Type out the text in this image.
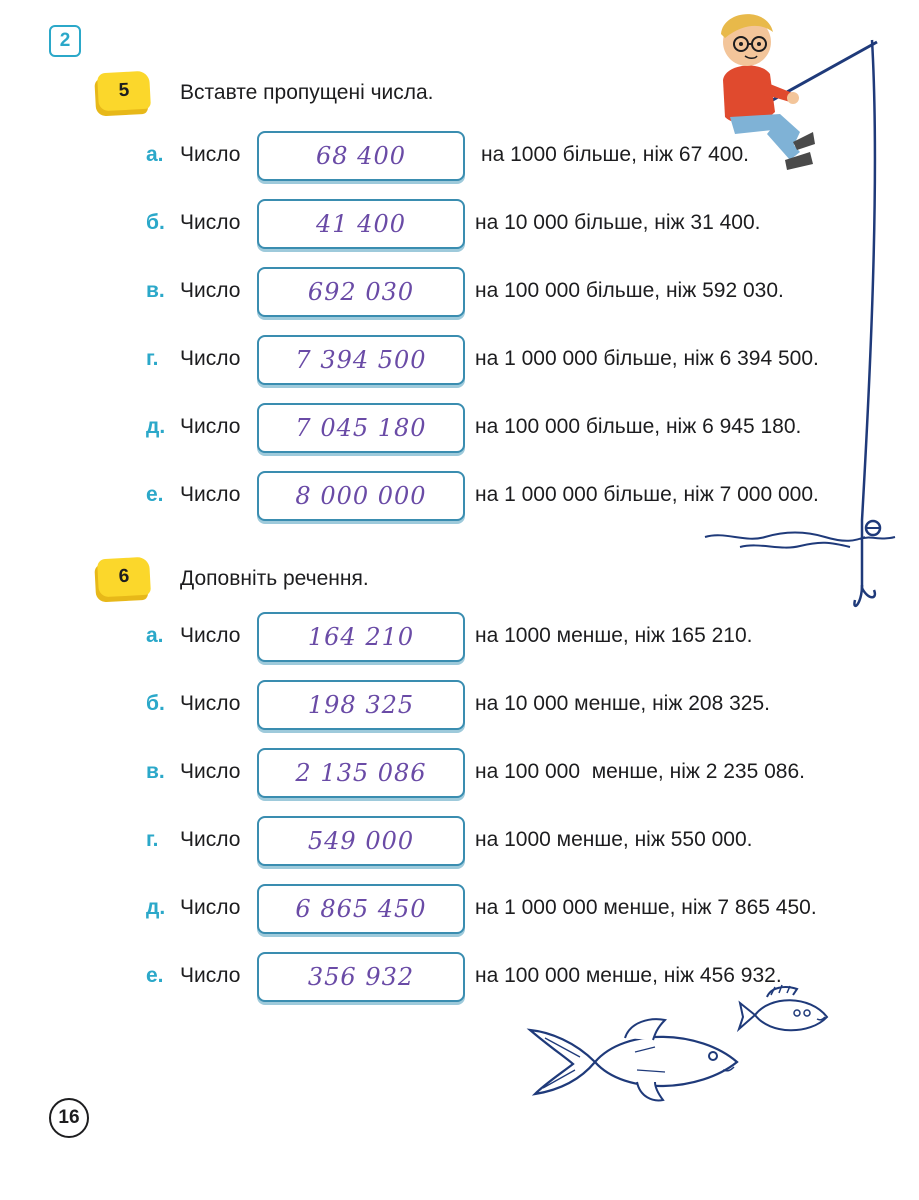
2
5	Вставте пропущені числа.
а. Число	68 400	на 1000 більше, ніж 67 400.
б. Число	41 400	на 10 000 більше, ніж 31 400.
в. Число	692 030	на 100 000 більше, ніж 592 030.
г. Число 7 394 500 на 1 000 000 більше, ніж 6 394 500.
д. Число 7 045 180 на 100 000 більше, ніж 6 945 180.
е. Число 8 000 000 на 1 000 000 більше, ніж 7 000 000.
6	Доповніть речення.
а. Число	164 210	на 1000 менше, ніж 165 210.
б. Число	198 325	на 10 000 менше, ніж 208 325.
в. Число 2 135 086 на 100 000  менше, ніж 2 235 086.
г. Число	549 000	на 1000 менше, ніж 550 000.
д. Число 6 865 450 на 1 000 000 менше, ніж 7 865 450.
е. Число	356 932	на 100 000 менше, ніж 456 932.
16
